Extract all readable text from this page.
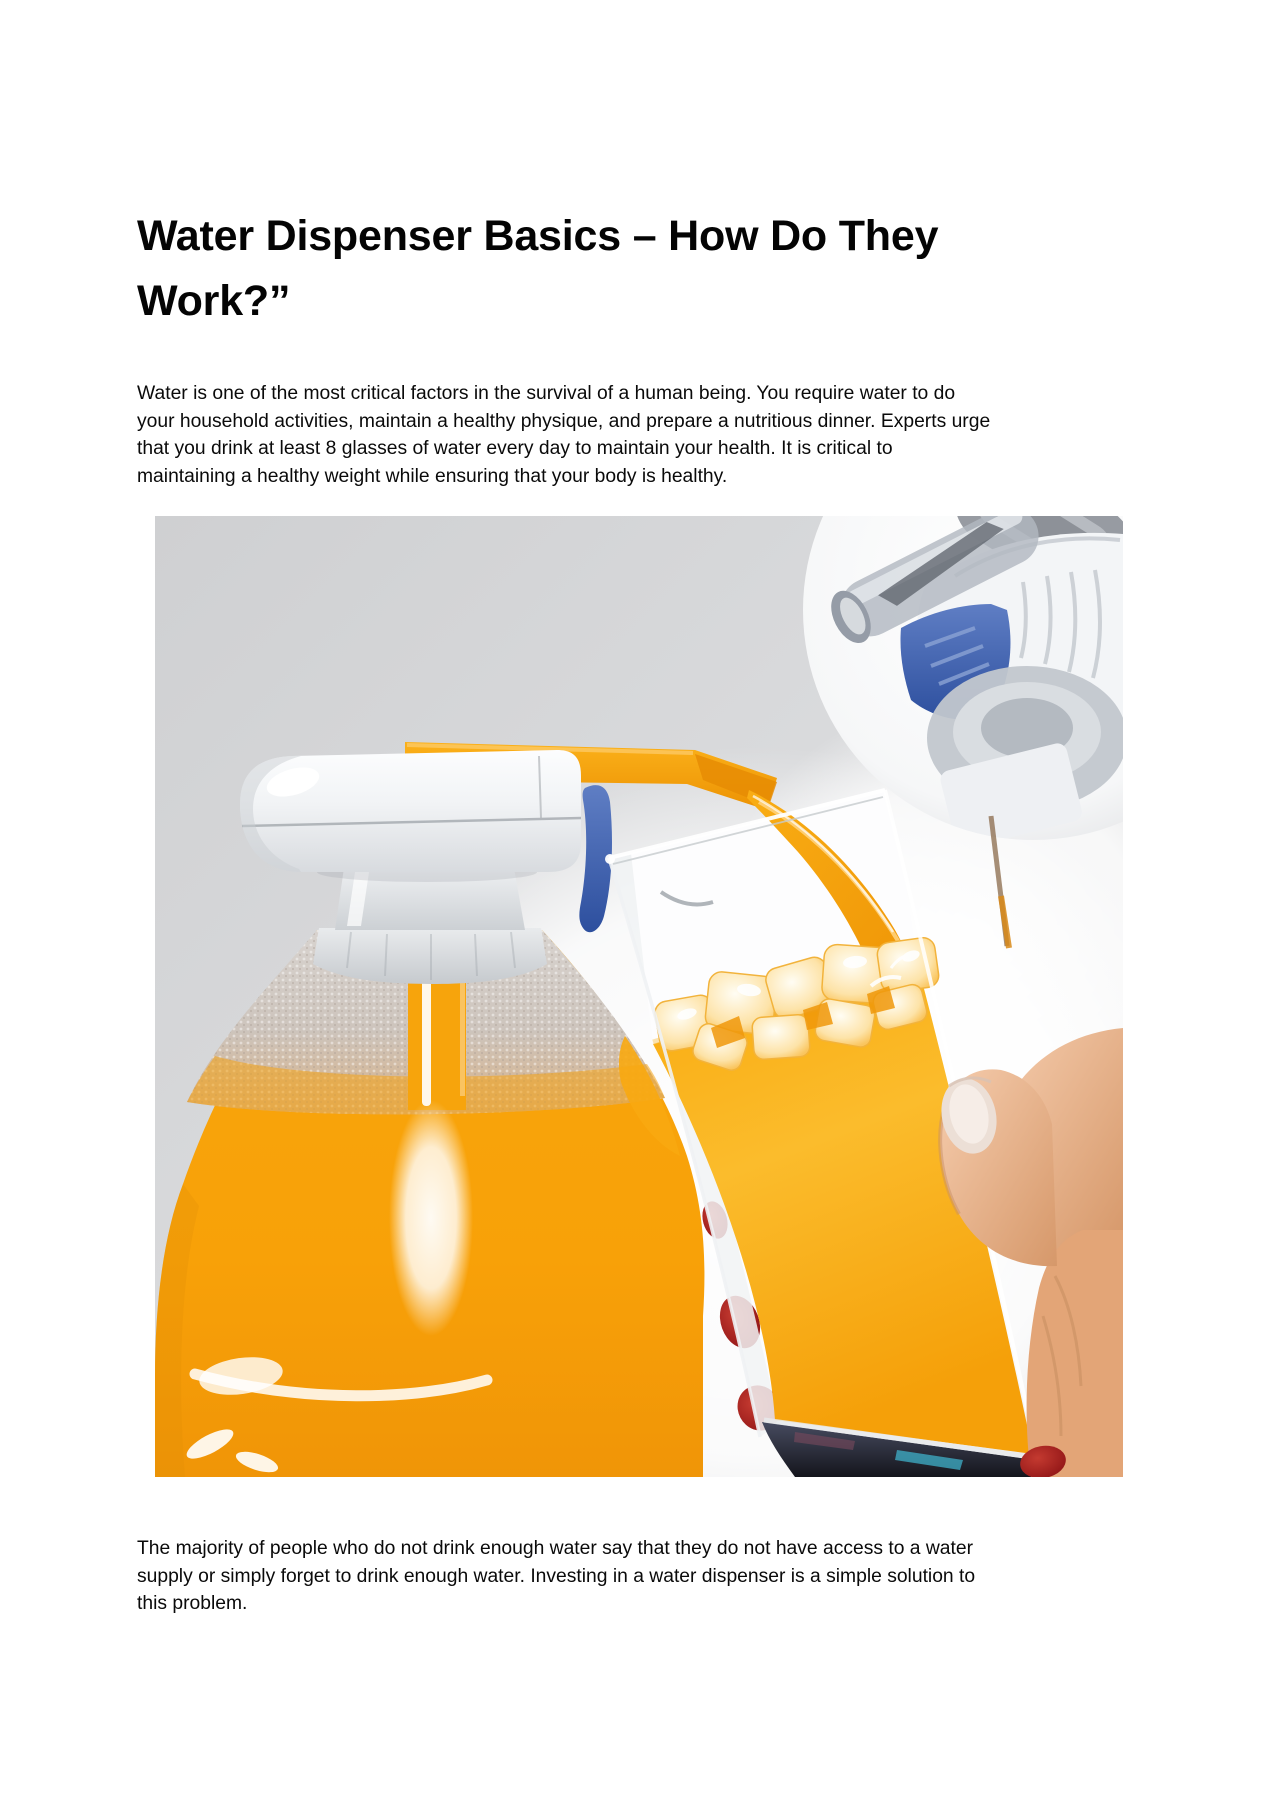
Water Dispenser Basics – How Do They Work?”

Water is one of the most critical factors in the survival of a human being. You require water to do your household activities, maintain a healthy physique, and prepare a nutritious dinner. Experts urge that you drink at least 8 glasses of water every day to maintain your health. It is critical to maintaining a healthy weight while ensuring that your body is healthy.

The majority of people who do not drink enough water say that they do not have access to a water supply or simply forget to drink enough water. Investing in a water dispenser is a simple solution to this problem.
